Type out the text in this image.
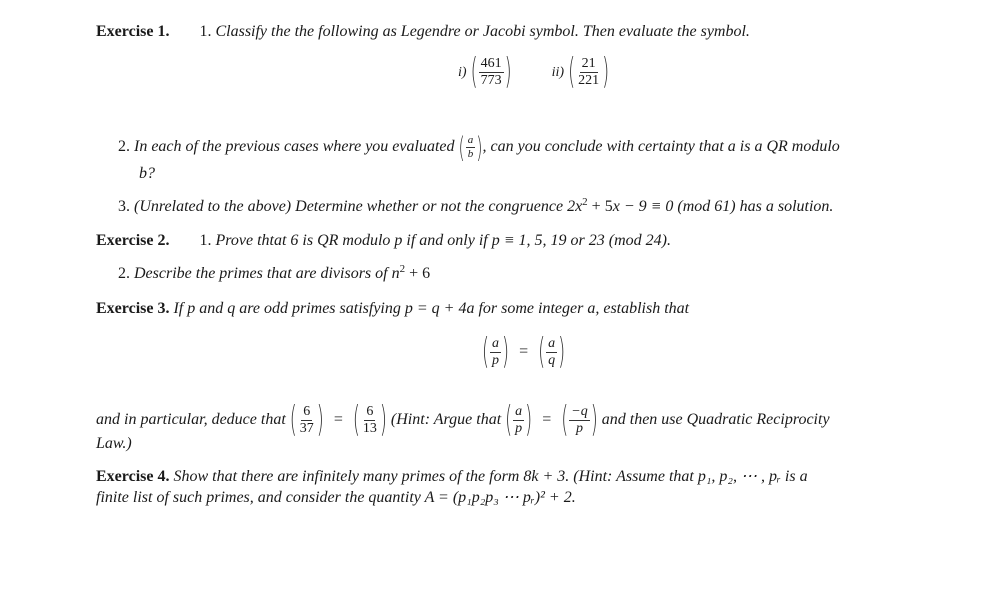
Exercise 1. 1. Classify the the following as Legendre or Jacobi symbol. Then evaluate the symbol.
i) ( $\frac{461}{773}$ )	ii) ( $\frac{21}{221}$ )
2. In each of the previous cases where you evaluated ( $\frac{a}{b}$ ) , can you conclude with certainty that a is a QR modulo
b?
3. (Unrelated to the above) Determine whether or not the congruence $2x^2 + 5x - 9 \equiv 0$ (mod 61) has a solution.
Exercise 2. 1. Prove thtat 6 is QR modulo p if and only if p ≡ 1, 5, 19 or 23 (mod 24).
2. Describe the primes that are divisors of $n^2 + 6$
Exercise 3. If p and q are odd primes satisfying p = q + 4a for some integer a, establish that
( $\frac{a}{p}$ ) = ( $\frac{a}{q}$ )
and in particular, deduce that ( $\frac{6}{37}$ ) = ( $\frac{6}{13}$ ) (Hint: Argue that ( $\frac{a}{p}$ ) = ( $\frac{-q}{p}$ ) and then use Quadratic Reciprocity
Law.)
Exercise 4. Show that there are infinitely many primes of the form 8k + 3. (Hint: Assume that p₁, p₂, ⋯ , pᵣ is a
finite list of such primes, and consider the quantity A = (p₁p₂p₃ ⋯ pᵣ)² + 2.
